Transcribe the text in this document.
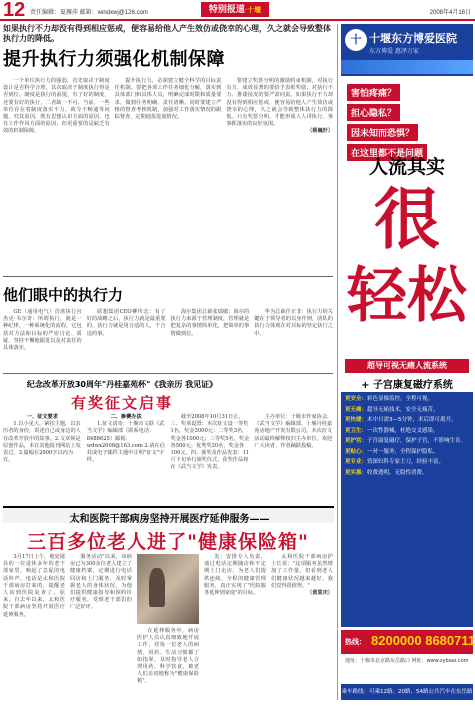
12 责任编辑：夏雁萍 邮箱：windxwj@126.com	特别报道·十堰	2008年4月18日
如果执行不力却没有得到相应惩戒，便容易给他人产生效仿或侥幸的心理，久之就会导致整体执行力的降低。
提升执行力须强化机制保障

一个单位执行力的强弱，首先取决于制度设计是否科学合理，其次取决于制度执行得是否到位。制度是执行的前提，有了好的制度，还要有好的执行，二者缺一不可。当前，一些单位存在着制度落实不力、政令不畅通等问题，究其原因，既有思想认识方面的原因，也有工作作风方面的原因，但更重要的是缺乏有效的机制保障。

提升执行力，必须建立健全科学的目标责任机制。要把各项工作任务细化分解，落实到具体部门和具体人员，明确完成时限和质量要求，做到任务明确、责任清晰。同时要建立严格的督查考核机制，加强对工作落实情况的跟踪督查，定期通报进展情况。

要建立奖惩分明的激励约束机制。对执行有力、成效显著的要给予表彰奖励；对执行不力、推诿扯皮的要严肃问责。如果执行不力却没有得到相应惩戒，便容易给他人产生效仿或侥幸的心理，久之就会导致整体执行力的降低。只有奖惩分明，才能形成人人讲执行、事事抓落实的良好氛围。

（蔡巍轩）

他们眼中的执行力

GE（通用电气）首席执行官杰克·韦尔奇：所谓执行，就是一种纪律，一种系统化的流程，它包括对方法和目标的严密讨论、质疑、坚持不懈地跟进以及对责任的具体落实。

联想集团CEO柳传志：有了好的战略之后，执行力就是最重要的。执行力就是用合适的人，干合适的事。

海尔集团总裁张瑞敏：海尔的执行力来源于管理制度，管理就是把复杂的事情简单化，把简单的事情做到位。

华为总裁任正非：执行力的关键在于领导者的以身作则，团队的执行力体现在对目标的坚定执行之中。

纪念改革开放30周年"丹桂嘉苑杯"《我亲历 我见证》
有奖征文启事
一、征文要求

1.以小见大，紧扣主题，以亲历者的身份，讲述自己或身边的人在改革开放中的故事。2.文章须是原创作品，未在其他报刊网站上发表过。3.篇幅在2000字以内为宜。

二、参赛办法

1.征文请寄：十堰市文联《武当文学》编辑部（联系电话：8488625）邮箱：wdwx2008@163.com 2.请在信封或电子邮件主题中注明"征文"字样。

截至2008年10月31日止。三、奖项设置：本次征文设一等奖1名，奖金3000元；二等奖3名，奖金各1000元；三等奖5名，奖金各500元；优秀奖20名，奖金各100元。四、颁奖及作品发表：11月下旬举行颁奖仪式，获奖作品将在《武当文学》发表。

主办单位：十堰市作家协会、《武当文学》编辑部、十堰丹桂嘉苑房地产开发有限公司。本次征文活动最终解释权归主办单位。欢迎广大读者、作者踊跃投稿。

太和医院干部病房坚持开展医疗延伸服务——
三百多位老人进了"健康保险箱"

3月17日上午，地处郧县的一位退休多年的老干部家里，响起了急促的电话铃声。电话是太和医院干部病房打来的，提醒老人该到医院复查了。原来，自去年以来，太和医院干部病房坚持开展医疗延伸服务。

服务活动"以来，该病房已为300多位老人建立了健康档案，定期进行电话回访和上门服务，及时掌握老人的身体状况，为他们提供健康指导和预约诊疗服务，受到老干部们的广泛好评。

在延伸服务中，病房医护人员认真细致地开展工作，对每一位老人的病情、用药、生活习惯都了如指掌，及时指导老人合理用药、科学饮食，被老人们亲切地称为"健康保险箱"。

发：安排专人负责，通过电话定期随访和不定期上门走访，为老人们提供连续、全程的健康管理服务，真正实现了"医院服务延伸到家庭"的目标。

太和医院干部病房护士长说："这项服务虽然增加了工作量，但看到老人们健康状况越来越好，我们觉得很值得。"

（黄喜庆）

十 十堰东方博爱医院
东方博爱 惠泽万家
害怕疼痛？
担心隐私？
因未知而恐惧？
在这里都不是问题
人流其实
很
轻松
超导可视无痛人流系统
+ 子宫康复磁疗系统
更安全：彩色显像监控，全程可视。
更无痛：超导无痛技术，安全无痛苦。
更快捷：术中只需3—5分钟，术后即可离开。
更卫生：一次性器械，杜绝交叉感染。
更护宫：子宫康复磁疗，保护子宫，不影响生育。
更贴心：一对一服务，全程保护隐私。
更专业：资深妇科专家主刀，经验丰富。
更实惠：收费透明，无隐性消费。
热线： 8200000 8680711
地址：十堰市北京路东岳路口 网址：www.sybaai.com
乘车路线：可乘12路、20路、54路公共汽车在东岳路口下车即到
